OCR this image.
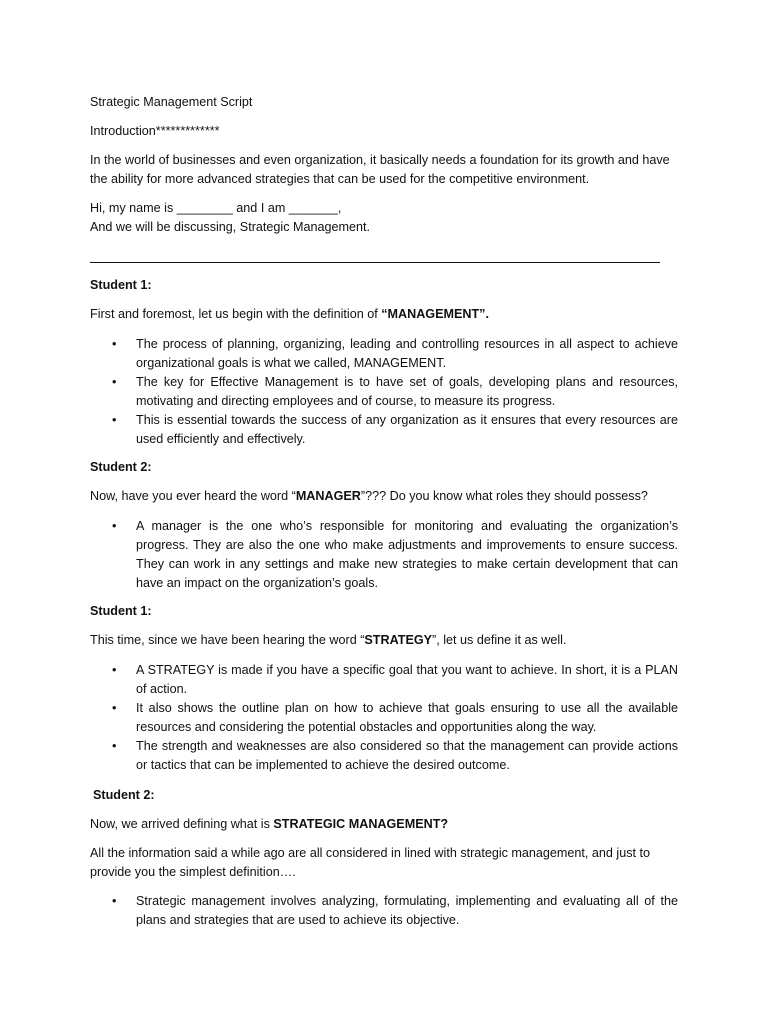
Strategic Management Script

Introduction*************

In the world of businesses and even organization, it basically needs a foundation for its growth and have the ability for more advanced strategies that can be used for the competitive environment.

Hi, my name is ________ and I am _______,

And we will be discussing, Strategic Management.

Student 1:

First and foremost, let us begin with the definition of “MANAGEMENT”.

• The process of planning, organizing, leading and controlling resources in all aspect to achieve organizational goals is what we called, MANAGEMENT.
• The key for Effective Management is to have set of goals, developing plans and resources, motivating and directing employees and of course, to measure its progress.
• This is essential towards the success of any organization as it ensures that every resources are used efficiently and effectively.

Student 2:

Now, have you ever heard the word “MANAGER”??? Do you know what roles they should possess?

• A manager is the one who’s responsible for monitoring and evaluating the organization’s progress. They are also the one who make adjustments and improvements to ensure success. They can work in any settings and make new strategies to make certain development that can have an impact on the organization’s goals.

Student 1:

This time, since we have been hearing the word “STRATEGY”, let us define it as well.

• A STRATEGY is made if you have a specific goal that you want to achieve. In short, it is a PLAN of action.
• It also shows the outline plan on how to achieve that goals ensuring to use all the available resources and considering the potential obstacles and opportunities along the way.
• The strength and weaknesses are also considered so that the management can provide actions or tactics that can be implemented to achieve the desired outcome.

Student 2:

Now, we arrived defining what is STRATEGIC MANAGEMENT?

All the information said a while ago are all considered in lined with strategic management, and just to provide you the simplest definition….

• Strategic management involves analyzing, formulating, implementing and evaluating all of the plans and strategies that are used to achieve its objective.
